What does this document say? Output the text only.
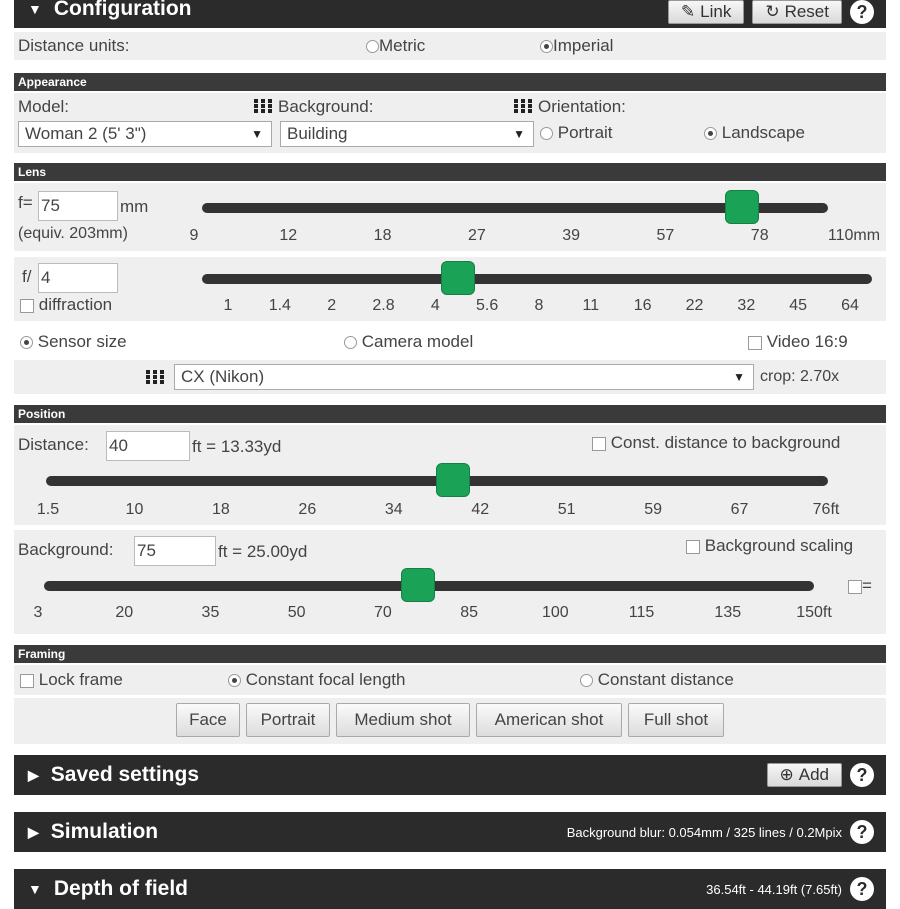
▼ Configuration	✎ Link ↻ Reset	?
Distance units:	Metric	Imperial
Appearance
Model:	Background:	Orientation:
Woman 2 (5' 3")	▼	Building	▼	Portrait	Landscape
Lens
f= 75	mm
(equiv. 203mm)	9	12	18	27	39	57	78	110mm
f/ 4
diffraction	1 1.4 2 2.8 4 5.6 8 11 16 22 32 45 64
Sensor size	Camera model	Video 16:9
CX (Nikon)	▼ crop: 2.70x
Position
Distance: 40	ft = 13.33yd	Const. distance to background
1.5	10	18	26	34	42	51	59	67	76ft
Background: 75	ft = 25.00yd	Background scaling
=
3	20	35	50	70	85	100	115	135	150ft
Framing
Lock frame	Constant focal length	Constant distance
Face	Portrait	Medium shot	American shot	Full shot
▶ Saved settings	⊕ Add	?
▶ Simulation	Background blur: 0.054mm / 325 lines / 0.2Mpix ?
▼ Depth of field	36.54ft - 44.19ft (7.65ft) ?
